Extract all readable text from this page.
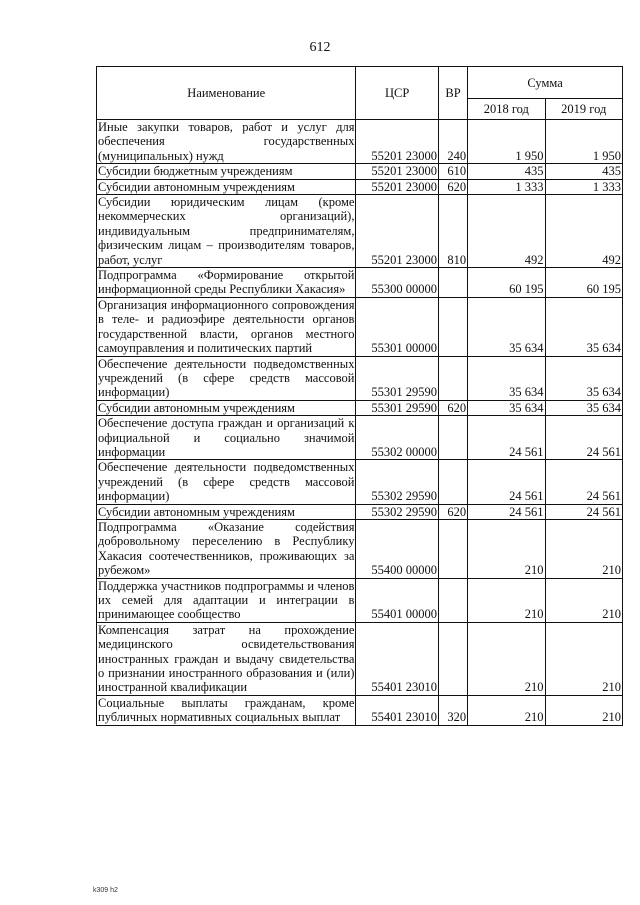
612
Наименование	ЦСР	ВР	Сумма	
			2018 год	2019 год
Иные закупки товаров, работ и услуг для обеспечения государственных (муниципальных) нужд	55201 23000	240	1 950	1 950
Субсидии бюджетным учреждениям	55201 23000	610	435	435
Субсидии автономным учреждениям	55201 23000	620	1 333	1 333
Субсидии юридическим лицам (кроме некоммерческих организаций), индивидуальным предпринимателям, физическим лицам – производителям товаров, работ, услуг	55201 23000	810	492	492
Подпрограмма «Формирование открытой информационной среды Республики Хакасия»	55300 00000		60 195	60 195
Организация информационного сопровождения в теле- и радиоэфире деятельности органов государственной власти, органов местного самоуправления и политических партий	55301 00000		35 634	35 634
Обеспечение деятельности подведомственных учреждений (в сфере средств массовой информации)	55301 29590		35 634	35 634
Субсидии автономным учреждениям	55301 29590	620	35 634	35 634
Обеспечение доступа граждан и организаций к официальной и социально значимой информации	55302 00000		24 561	24 561
Обеспечение деятельности подведомственных учреждений (в сфере средств массовой информации)	55302 29590		24 561	24 561
Субсидии автономным учреждениям	55302 29590	620	24 561	24 561
Подпрограмма «Оказание содействия добровольному переселению в Республику Хакасия соотечественников, проживающих за рубежом»	55400 00000		210	210
Поддержка участников подпрограммы и членов их семей для адаптации и интеграции в принимающее сообщество	55401 00000		210	210
Компенсация затрат на прохождение медицинского освидетельствования иностранных граждан и выдачу свидетельства о признании иностранного образования и (или) иностранной квалификации	55401 23010		210	210
Социальные выплаты гражданам, кроме публичных нормативных социальных выплат	55401 23010	320	210	210
k309 h2
